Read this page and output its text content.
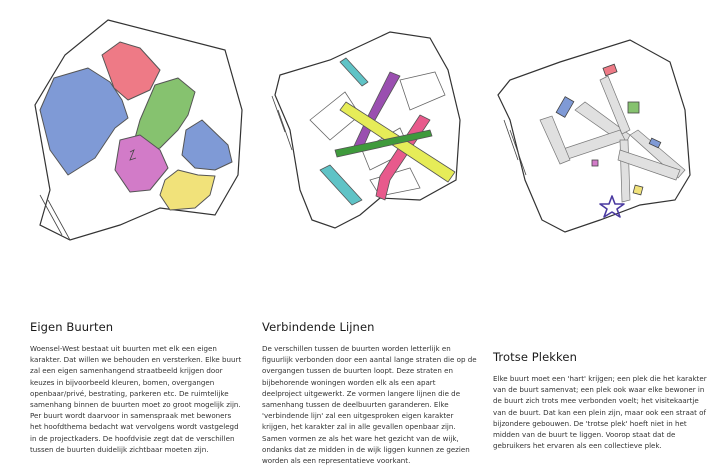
Eigen Buurten

Woensel-West bestaat uit buurten met elk een eigen karakter. Dat willen we behouden en versterken. Elke buurt zal een eigen samenhangend straatbeeld krijgen door keuzes in bijvoorbeeld kleuren, bomen, overgangen openbaar/privé, bestrating, parkeren etc. De ruimtelijke samenhang binnen de buurten moet zo groot mogelijk zijn. Per buurt wordt daarvoor in samenspraak met bewoners het hoofdthema bedacht wat vervolgens wordt vastgelegd in de projectkaders. De hoofdvisie zegt dat de verschillen tussen de buurten duidelijk zichtbaar moeten zijn.

Verbindende Lijnen

De verschillen tussen de buurten worden letterlijk en figuurlijk verbonden door een aantal lange straten die op de overgangen tussen de buurten loopt. Deze straten en bijbehorende woningen worden elk als een apart deelproject uitgewerkt. Ze vormen langere lijnen die de samenhang tussen de deelbuurten garanderen. Elke 'verbindende lijn' zal een uitgesproken eigen karakter krijgen, het karakter zal in alle gevallen openbaar zijn. Samen vormen ze als het ware het gezicht van de wijk, ondanks dat ze midden in de wijk liggen kunnen ze gezien worden als een representatieve voorkant.

Trotse Plekken

Elke buurt moet een 'hart' krijgen; een plek die het karakter van de buurt samenvat; een plek ook waar elke bewoner in de buurt zich trots mee verbonden voelt; het visitekaartje van de buurt. Dat kan een plein zijn, maar ook een straat of bijzondere gebouwen. De 'trotse plek' hoeft niet in het midden van de buurt te liggen. Voorop staat dat de gebruikers het ervaren als een collectieve plek.
